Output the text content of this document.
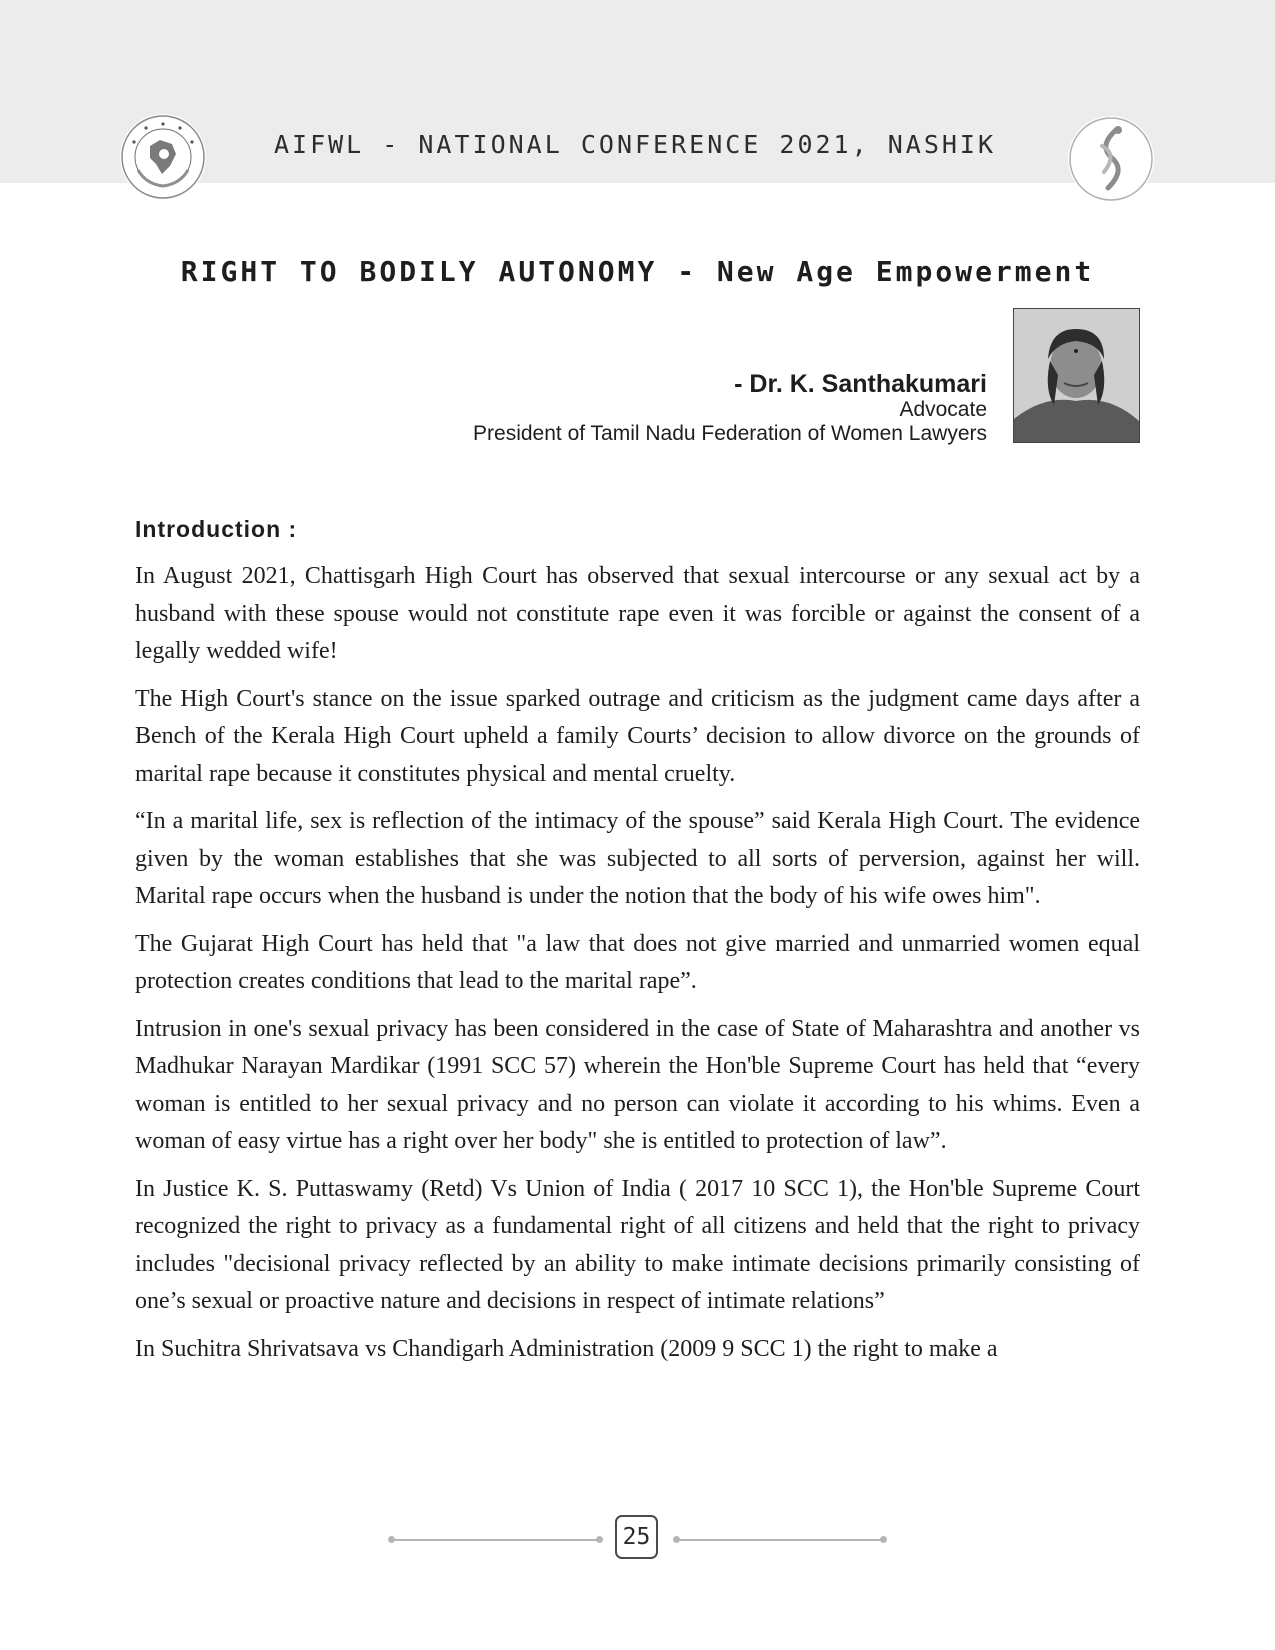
AIFWL - NATIONAL CONFERENCE 2021, NASHIK
RIGHT TO BODILY AUTONOMY - New Age Empowerment
- Dr. K. Santhakumari
Advocate
President of Tamil Nadu Federation of Women Lawyers
Introduction :

In August 2021, Chattisgarh High Court has observed that sexual intercourse or any sexual act by a husband with these spouse would not constitute rape even it was forcible or against the consent of a legally wedded wife!

The High Court's stance on the issue sparked outrage and criticism as the judgment came days after a Bench of the Kerala High Court upheld a family Courts’ decision to allow divorce on the grounds of marital rape because it constitutes physical and mental cruelty.

“In a marital life, sex is reflection of the intimacy of the spouse” said Kerala High Court. The evidence given by the woman establishes that she was subjected to all sorts of perversion, against her will. Marital rape occurs when the husband is under the notion that the body of his wife owes him".

The Gujarat High Court has held that "a law that does not give married and unmarried women equal protection creates conditions that lead to the marital rape”.

Intrusion in one's sexual privacy has been considered in the case of State of Maharashtra and another vs Madhukar Narayan Mardikar (1991 SCC 57) wherein the Hon'ble Supreme Court has held that “every woman is entitled to her sexual privacy and no person can violate it according to his whims. Even a woman of easy virtue has a right over her body" she is entitled to protection of law”.

In Justice K. S. Puttaswamy (Retd) Vs Union of India ( 2017 10 SCC 1), the Hon'ble Supreme Court recognized the right to privacy as a fundamental right of all citizens and held that the right to privacy includes "decisional privacy reflected by an ability to make intimate decisions primarily consisting of one’s sexual or proactive nature and decisions in respect of intimate relations”

In Suchitra Shrivatsava vs Chandigarh Administration (2009 9 SCC 1) the right to make a

25
